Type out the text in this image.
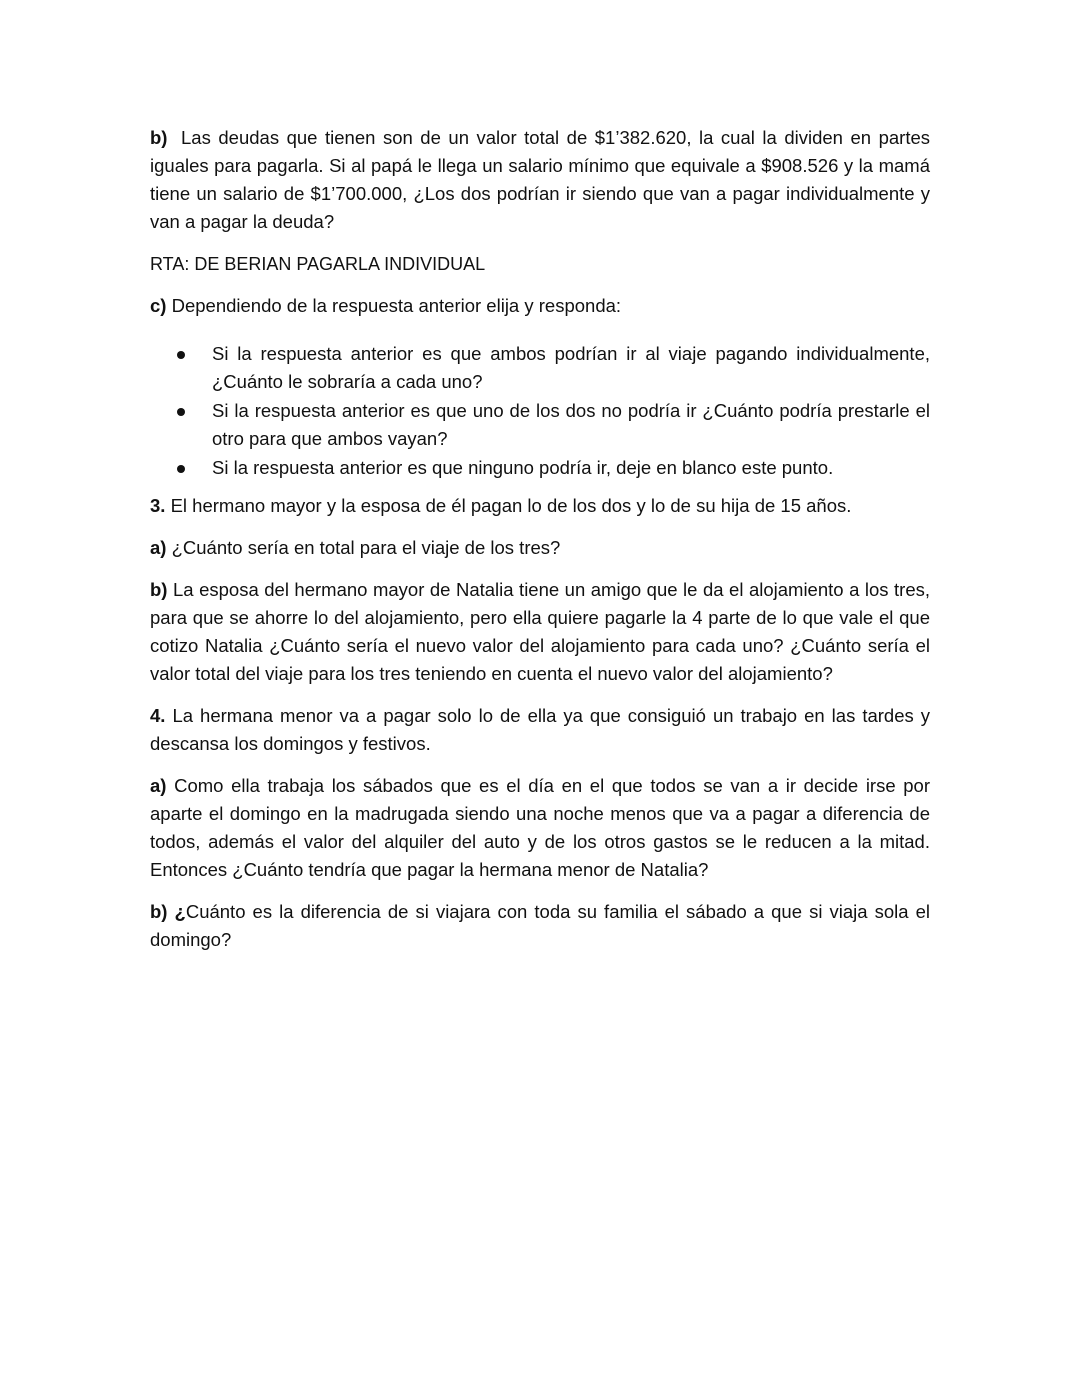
b) Las deudas que tienen son de un valor total de $1’382.620, la cual la dividen en partes iguales para pagarla. Si al papá le llega un salario mínimo que equivale a $908.526 y la mamá tiene un salario de $1’700.000, ¿Los dos podrían ir siendo que van a pagar individualmente y van a pagar la deuda?

RTA: DE BERIAN PAGARLA INDIVIDUAL

c) Dependiendo de la respuesta anterior elija y responda:

Si la respuesta anterior es que ambos podrían ir al viaje pagando individualmente, ¿Cuánto le sobraría a cada uno?
Si la respuesta anterior es que uno de los dos no podría ir ¿Cuánto podría prestarle el otro para que ambos vayan?
Si la respuesta anterior es que ninguno podría ir, deje en blanco este punto.

3. El hermano mayor y la esposa de él pagan lo de los dos y lo de su hija de 15 años.

a) ¿Cuánto sería en total para el viaje de los tres?

b) La esposa del hermano mayor de Natalia tiene un amigo que le da el alojamiento a los tres, para que se ahorre lo del alojamiento, pero ella quiere pagarle la 4 parte de lo que vale el que cotizo Natalia ¿Cuánto sería el nuevo valor del alojamiento para cada uno? ¿Cuánto sería el valor total del viaje para los tres teniendo en cuenta el nuevo valor del alojamiento?

4. La hermana menor va a pagar solo lo de ella ya que consiguió un trabajo en las tardes y descansa los domingos y festivos.

a) Como ella trabaja los sábados que es el día en el que todos se van a ir decide irse por aparte el domingo en la madrugada siendo una noche menos que va a pagar a diferencia de todos, además el valor del alquiler del auto y de los otros gastos se le reducen a la mitad. Entonces ¿Cuánto tendría que pagar la hermana menor de Natalia?

b) ¿Cuánto es la diferencia de si viajara con toda su familia el sábado a que si viaja sola el domingo?
